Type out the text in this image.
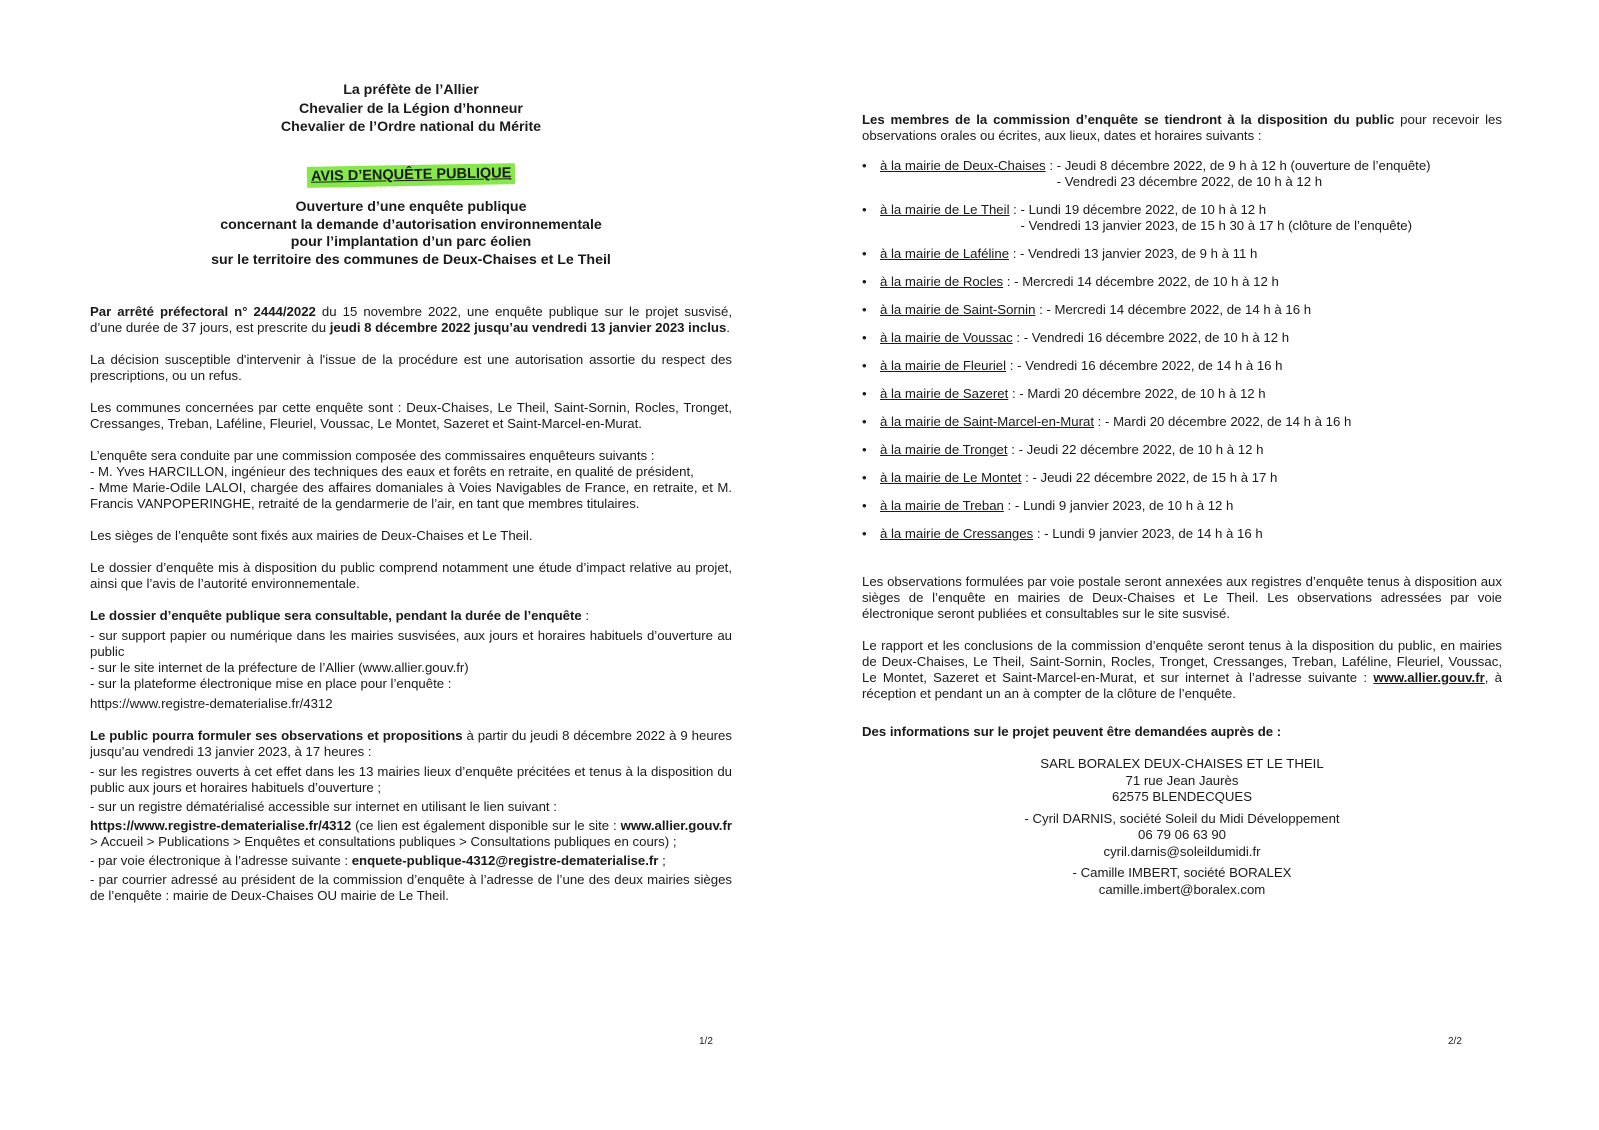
La préfète de l’Allier

Chevalier de la Légion d’honneur

Chevalier de l’Ordre national du Mérite

AVIS D’ENQUÊTE PUBLIQUE
Ouverture d’une enquête publique
concernant la demande d’autorisation environnementale
pour l’implantation d’un parc éolien
sur le territoire des communes de Deux-Chaises et Le Theil

Par arrêté préfectoral n° 2444/2022 du 15 novembre 2022, une enquête publique sur le projet susvisé, d’une durée de 37 jours, est prescrite du jeudi 8 décembre 2022 jusqu’au vendredi 13 janvier 2023 inclus.

La décision susceptible d'intervenir à l'issue de la procédure est une autorisation assortie du respect des prescriptions, ou un refus.

Les communes concernées par cette enquête sont : Deux-Chaises, Le Theil, Saint-Sornin, Rocles, Tronget, Cressanges, Treban, Laféline, Fleuriel, Voussac, Le Montet, Sazeret et Saint-Marcel-en-Murat.

L’enquête sera conduite par une commission composée des commissaires enquêteurs suivants :

- M. Yves HARCILLON, ingénieur des techniques des eaux et forêts en retraite, en qualité de président,

- Mme Marie-Odile LALOI, chargée des affaires domaniales à Voies Navigables de France, en retraite, et M. Francis VANPOPERINGHE, retraité de la gendarmerie de l’air, en tant que membres titulaires.

Les sièges de l’enquête sont fixés aux mairies de Deux-Chaises et Le Theil.

Le dossier d’enquête mis à disposition du public comprend notamment une étude d’impact relative au projet, ainsi que l’avis de l’autorité environnementale.

Le dossier d’enquête publique sera consultable, pendant la durée de l’enquête :

- sur support papier ou numérique dans les mairies susvisées, aux jours et horaires habituels d’ouverture au public

- sur le site internet de la préfecture de l’Allier (www.allier.gouv.fr)

- sur la plateforme électronique mise en place pour l’enquête :

https://www.registre-dematerialise.fr/4312

Le public pourra formuler ses observations et propositions à partir du jeudi 8 décembre 2022 à 9 heures jusqu’au vendredi 13 janvier 2023, à 17 heures :

- sur les registres ouverts à cet effet dans les 13 mairies lieux d’enquête précitées et tenus à la disposition du public aux jours et horaires habituels d’ouverture ;

- sur un registre dématérialisé accessible sur internet en utilisant le lien suivant :

https://www.registre-dematerialise.fr/4312 (ce lien est également disponible sur le site : www.allier.gouv.fr > Accueil > Publications > Enquêtes et consultations publiques > Consultations publiques en cours) ;

- par voie électronique à l’adresse suivante : enquete-publique-4312@registre-dematerialise.fr ;

- par courrier adressé au président de la commission d’enquête à l’adresse de l’une des deux mairies sièges de l’enquête : mairie de Deux-Chaises OU mairie de Le Theil.

1/2

Les membres de la commission d’enquête se tiendront à la disposition du public pour recevoir les observations orales ou écrites, aux lieux, dates et horaires suivants :

• à la mairie de Deux-Chaises : - Jeudi 8 décembre 2022, de 9 h à 12 h (ouverture de l’enquête)
- Vendredi 23 décembre 2022, de 10 h à 12 h
• à la mairie de Le Theil : - Lundi 19 décembre 2022, de 10 h à 12 h
- Vendredi 13 janvier 2023, de 15 h 30 à 17 h (clôture de l’enquête)
• à la mairie de Laféline : - Vendredi 13 janvier 2023, de 9 h à 11 h
• à la mairie de Rocles : - Mercredi 14 décembre 2022, de 10 h à 12 h
• à la mairie de Saint-Sornin : - Mercredi 14 décembre 2022, de 14 h à 16 h
• à la mairie de Voussac : - Vendredi 16 décembre 2022, de 10 h à 12 h
• à la mairie de Fleuriel : - Vendredi 16 décembre 2022, de 14 h à 16 h
• à la mairie de Sazeret : - Mardi 20 décembre 2022, de 10 h à 12 h
• à la mairie de Saint-Marcel-en-Murat : - Mardi 20 décembre 2022, de 14 h à 16 h
• à la mairie de Tronget : - Jeudi 22 décembre 2022, de 10 h à 12 h
• à la mairie de Le Montet : - Jeudi 22 décembre 2022, de 15 h à 17 h
• à la mairie de Treban : - Lundi 9 janvier 2023, de 10 h à 12 h
• à la mairie de Cressanges : - Lundi 9 janvier 2023, de 14 h à 16 h

Les observations formulées par voie postale seront annexées aux registres d’enquête tenus à disposition aux sièges de l’enquête en mairies de Deux-Chaises et Le Theil. Les observations adressées par voie électronique seront publiées et consultables sur le site susvisé.

Le rapport et les conclusions de la commission d’enquête seront tenus à la disposition du public, en mairies de Deux-Chaises, Le Theil, Saint-Sornin, Rocles, Tronget, Cressanges, Treban, Laféline, Fleuriel, Voussac, Le Montet, Sazeret et Saint-Marcel-en-Murat, et sur internet à l’adresse suivante : www.allier.gouv.fr, à réception et pendant un an à compter de la clôture de l’enquête.

Des informations sur le projet peuvent être demandées auprès de :

SARL BORALEX DEUX-CHAISES ET LE THEIL
71 rue Jean Jaurès
62575 BLENDECQUES
- Cyril DARNIS, société Soleil du Midi Développement
06 79 06 63 90
cyril.darnis@soleildumidi.fr
- Camille IMBERT, société BORALEX
camille.imbert@boralex.com
2/2
